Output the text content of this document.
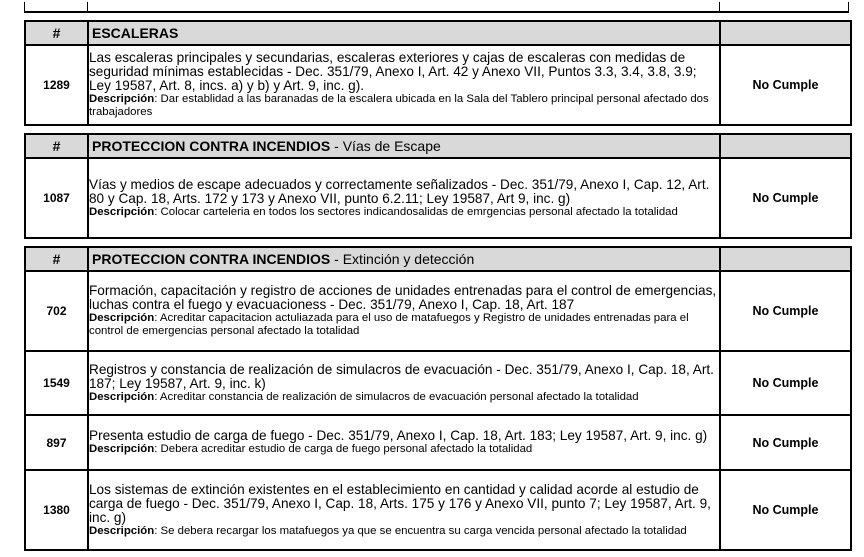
#	ESCALERAS	
1289	Las escaleras principales y secundarias, escaleras exteriores y cajas de escaleras con medidas de seguridad mínimas establecidas - Dec. 351/79, Anexo I, Art. 42 y Anexo VII, Puntos 3.3, 3.4, 3.8, 3.9; Ley 19587, Art. 8, incs. a) y b) y Art. 9, inc. g).
Descripción: Dar establidad a las baranadas de la escalera ubicada en la Sala del Tablero principal personal afectado dos trabajadores	No Cumple
#	PROTECCION CONTRA INCENDIOS - Vías de Escape	
1087	Vías y medios de escape adecuados y correctamente señalizados - Dec. 351/79, Anexo I, Cap. 12, Art. 80 y Cap. 18, Arts. 172 y 173 y Anexo VII, punto 6.2.11; Ley 19587, Art 9, inc. g)
Descripción: Colocar carteleria en todos los sectores indicandosalidas de emrgencias personal afectado la totalidad	No Cumple
#	PROTECCION CONTRA INCENDIOS - Extinción y detección	
702	Formación, capacitación y registro de acciones de unidades entrenadas para el control de emergencias, luchas contra el fuego y evacuacioness - Dec. 351/79, Anexo I, Cap. 18, Art. 187
Descripción: Acreditar capacitacion actuliazada para el uso de matafuegos y Registro de unidades entrenadas para el control de emergencias personal afectado la totalidad	No Cumple
1549	Registros y constancia de realización de simulacros de evacuación - Dec. 351/79, Anexo I, Cap. 18, Art. 187; Ley 19587, Art. 9, inc. k)
Descripción: Acreditar constancia de realización de simulacros de evacuación personal afectado la totalidad	No Cumple
897	Presenta estudio de carga de fuego - Dec. 351/79, Anexo I, Cap. 18, Art. 183; Ley 19587, Art. 9, inc. g)
Descripción: Debera acreditar estudio de carga de fuego personal afectado la totalidad	No Cumple
1380	Los sistemas de extinción existentes en el establecimiento en cantidad y calidad acorde al estudio de carga de fuego - Dec. 351/79, Anexo I, Cap. 18, Arts. 175 y 176 y Anexo VII, punto 7; Ley 19587, Art. 9, inc. g)
Descripción: Se debera recargar los matafuegos ya que se encuentra su carga vencida personal afectado la totalidad	No Cumple
